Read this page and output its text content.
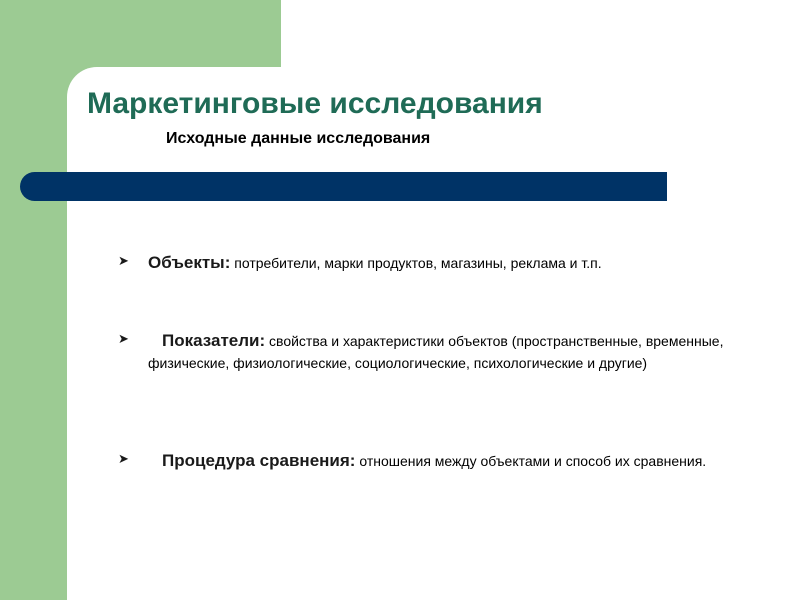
Маркетинговые исследования
Исходные данные исследования
➤ Объекты: потребители, марки продуктов, магазины, реклама и т.п.
➤	Показатели: свойства и характеристики объектов (пространственные, временные, физические, физиологические, социологические, психологические и другие)
➤	Процедура сравнения: отношения между объектами и способ их сравнения.
